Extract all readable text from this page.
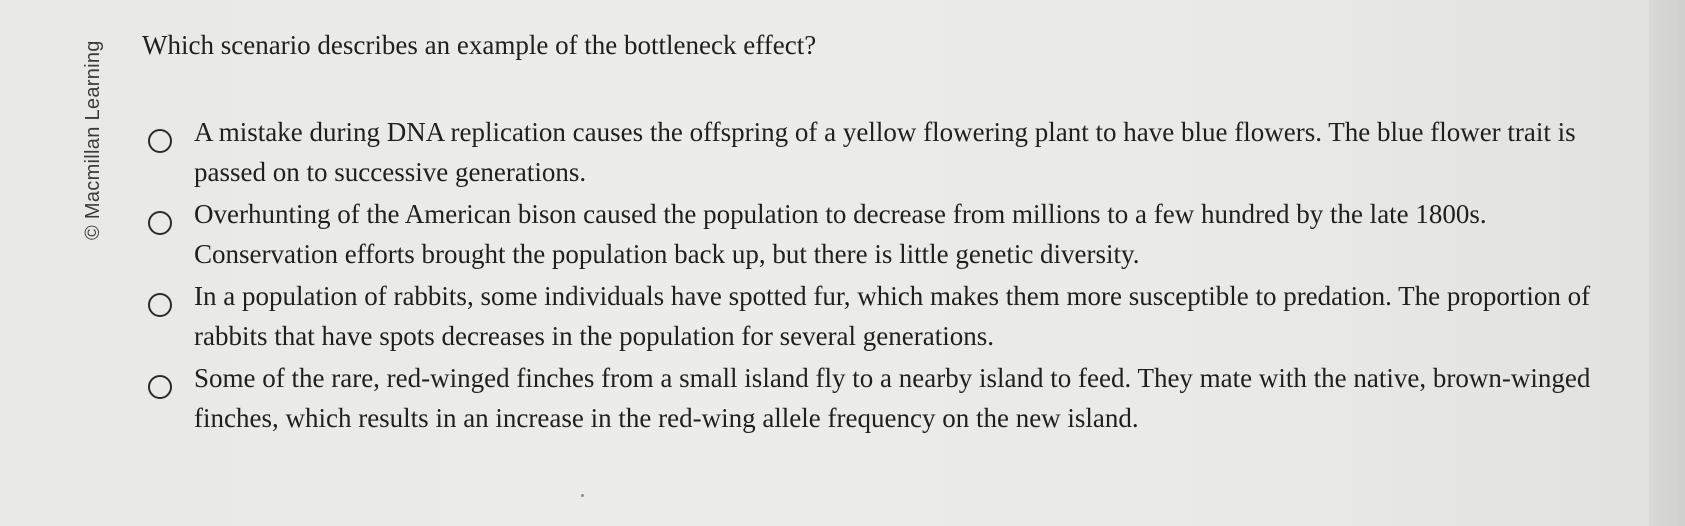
© Macmillan Learning Which scenario describes an example of the bottleneck effect?
A mistake during DNA replication causes the offspring of a yellow flowering plant to have blue flowers. The blue flower trait is passed on to successive generations.
Overhunting of the American bison caused the population to decrease from millions to a few hundred by the late 1800s. Conservation efforts brought the population back up, but there is little genetic diversity.
In a population of rabbits, some individuals have spotted fur, which makes them more susceptible to predation. The proportion of rabbits that have spots decreases in the population for several generations.
Some of the rare, red-winged finches from a small island fly to a nearby island to feed. They mate with the native, brown-winged finches, which results in an increase in the red-wing allele frequency on the new island.
